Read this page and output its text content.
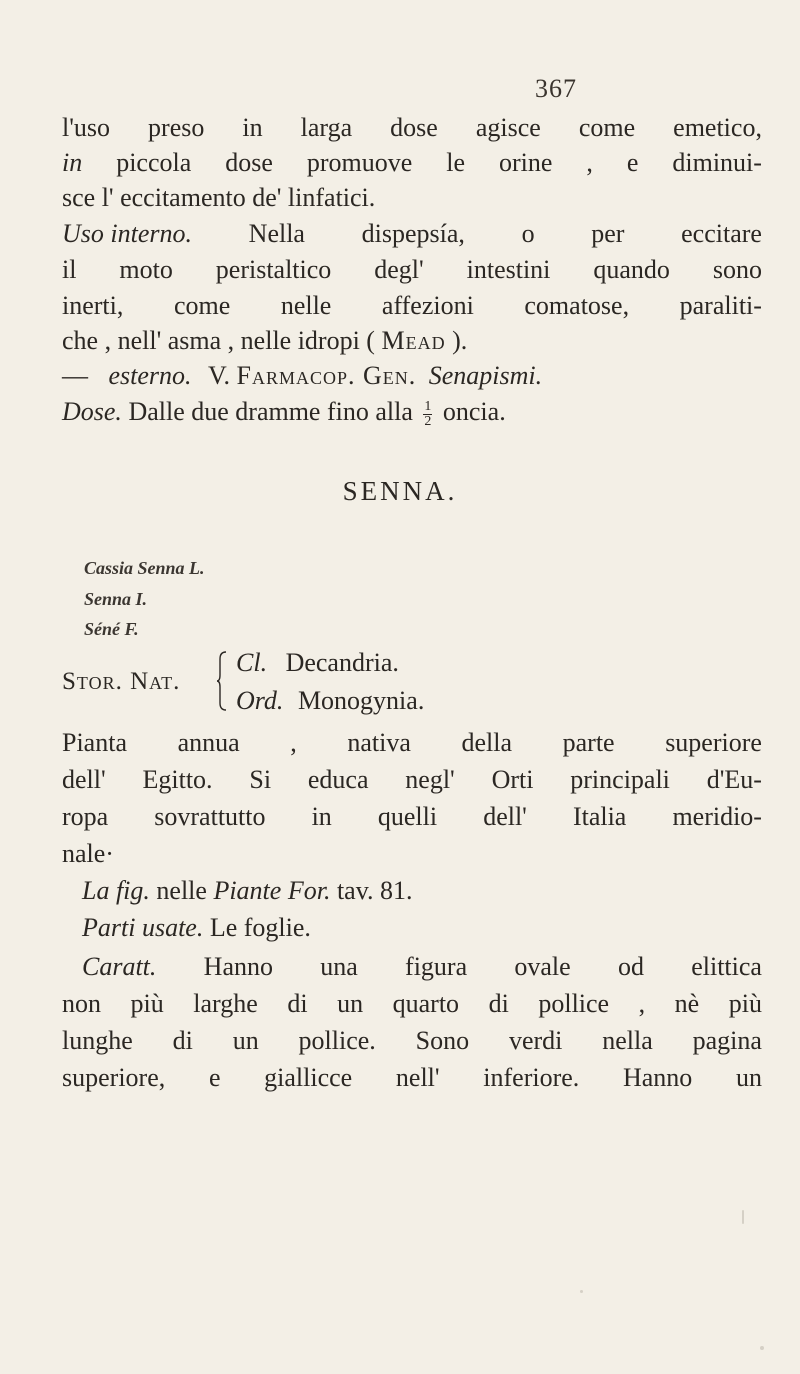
367
l'uso preso in larga dose agisce come emetico,
in piccola dose promuove le orine , e diminui-
sce l' eccitamento de' linfatici.
Uso interno. Nella dispepsía, o per eccitare
il moto peristaltico degl' intestini quando sono
inerti, come nelle affezioni comatose, paraliti-
che , nell' asma , nelle idropi ( Mead ).
— esterno. V. Farmacop. Gen. Senapismi.
Dose. Dalle due dramme fino alla $\frac{1}{2}$ oncia.
SENNA.
Cassia Senna L.
Senna I.
Séné F.
Stor. Nat.
Cl. Decandria.
Ord. Monogynia.
Pianta annua , nativa della parte superiore
dell' Egitto. Si educa negl' Orti principali d'Eu-
ropa sovrattutto in quelli dell' Italia meridio-
nale·
La fig. nelle Piante For. tav. 81.
Parti usate. Le foglie.
Caratt. Hanno una figura ovale od elittica
non più larghe di un quarto di pollice , nè più
lunghe di un pollice. Sono verdi nella pagina
superiore, e giallicce nell' inferiore. Hanno un
